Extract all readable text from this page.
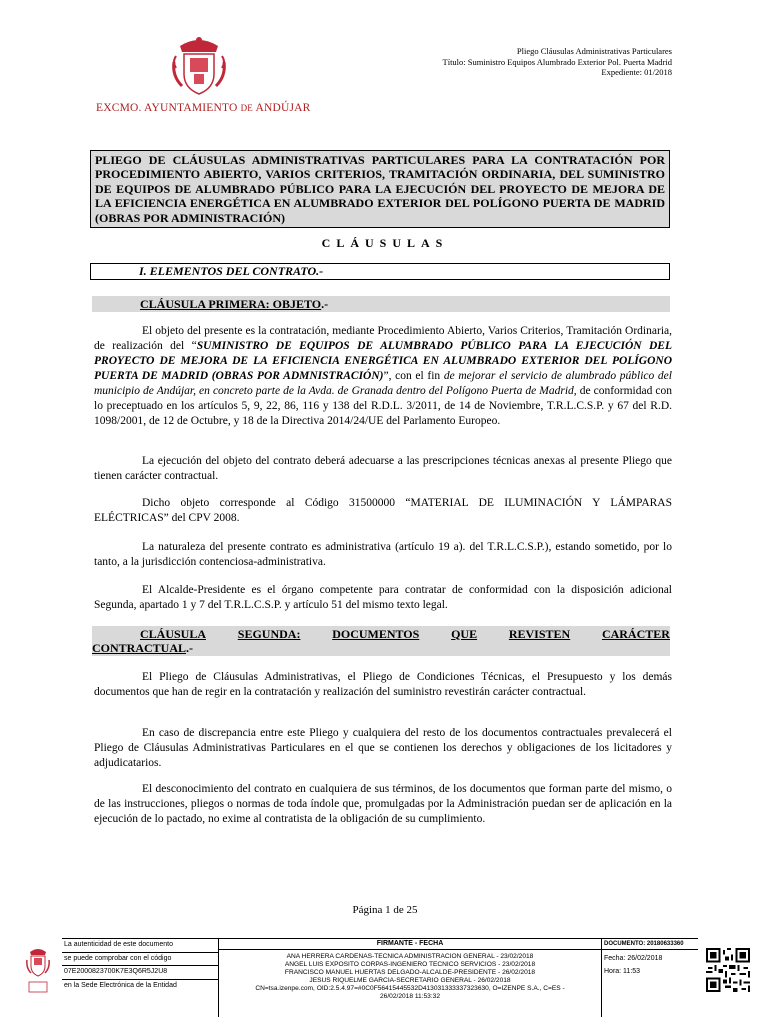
EXCMO. AYUNTAMIENTO DE ANDÚJAR
Pliego Cláusulas Administrativas Particulares
Título: Suministro Equipos Alumbrado Exterior Pol. Puerta Madrid
Expediente: 01/2018
PLIEGO DE CLÁUSULAS ADMINISTRATIVAS PARTICULARES PARA LA CONTRATACIÓN POR PROCEDIMIENTO ABIERTO, VARIOS CRITERIOS, TRAMITACIÓN ORDINARIA, DEL SUMINISTRO DE EQUIPOS DE ALUMBRADO PÚBLICO PARA LA EJECUCIÓN DEL PROYECTO DE MEJORA DE LA EFICIENCIA ENERGÉTICA EN ALUMBRADO EXTERIOR DEL POLÍGONO PUERTA DE MADRID (OBRAS POR ADMINISTRACIÓN)
CLÁUSULAS
I. ELEMENTOS DEL CONTRATO.-
CLÁUSULA PRIMERA: OBJETO.-
El objeto del presente es la contratación, mediante Procedimiento Abierto, Varios Criterios, Tramitación Ordinaria, de realización del “SUMINISTRO DE EQUIPOS DE ALUMBRADO PÚBLICO PARA LA EJECUCIÓN DEL PROYECTO DE MEJORA DE LA EFICIENCIA ENERGÉTICA EN ALUMBRADO EXTERIOR DEL POLÍGONO PUERTA DE MADRID (OBRAS POR ADMNISTRACIÓN)”, con el fin de mejorar el servicio de alumbrado público del municipio de Andújar, en concreto parte de la Avda. de Granada dentro del Polígono Puerta de Madrid, de conformidad con lo preceptuado en los artículos 5, 9, 22, 86, 116 y 138 del R.D.L. 3/2011, de 14 de Noviembre, T.R.L.C.S.P. y 67 del R.D. 1098/2001, de 12 de Octubre, y 18 de la Directiva 2014/24/UE del Parlamento Europeo.
La ejecución del objeto del contrato deberá adecuarse a las prescripciones técnicas anexas al presente Pliego que tienen carácter contractual.
Dicho objeto corresponde al Código 31500000 “MATERIAL DE ILUMINACIÓN Y LÁMPARAS ELÉCTRICAS” del CPV 2008.
La naturaleza del presente contrato es administrativa (artículo 19 a). del T.R.L.C.S.P.), estando sometido, por lo tanto, a la jurisdicción contenciosa-administrativa.
El Alcalde-Presidente es el órgano competente para contratar de conformidad con la disposición adicional Segunda, apartado 1 y 7 del T.R.L.C.S.P. y artículo 51 del mismo texto legal.
CLÁUSULA	SEGUNDA:	DOCUMENTOS	QUE	REVISTEN	CARÁCTER
CONTRACTUAL.-
El Pliego de Cláusulas Administrativas, el Pliego de Condiciones Técnicas, el Presupuesto y los demás documentos que han de regir en la contratación y realización del suministro revestirán carácter contractual.
En caso de discrepancia entre este Pliego y cualquiera del resto de los documentos contractuales prevalecerá el Pliego de Cláusulas Administrativas Particulares en el que se contienen los derechos y obligaciones de los licitadores y adjudicatarios.
El desconocimiento del contrato en cualquiera de sus términos, de los documentos que forman parte del mismo, o de las instrucciones, pliegos o normas de toda índole que, promulgadas por la Administración puedan ser de aplicación en la ejecución de lo pactado, no exime al contratista de la obligación de su cumplimiento.
Página 1 de 25
La autenticidad de este documento
se puede comprobar con el código
07E2000823700K7E3Q6R5J2U8
en la Sede Electrónica de la Entidad
FIRMANTE - FECHA
ANA HERRERA CARDENAS-TECNICA ADMINISTRACION GENERAL - 23/02/2018
ANGEL LUIS EXPOSITO CORPAS-INGENIERO TECNICO SERVICIOS - 23/02/2018
FRANCISCO MANUEL HUERTAS DELGADO-ALCALDE-PRESIDENTE - 26/02/2018
JESUS RIQUELME GARCIA-SECRETARIO GENERAL - 26/02/2018
CN=tsa.izenpe.com, OID:2.5.4.97=#0C0F56415445532D413031333337323630, O=IZENPE S.A., C=ES -
26/02/2018 11:53:32
DOCUMENTO: 20180633360
Fecha: 26/02/2018
Hora: 11:53
